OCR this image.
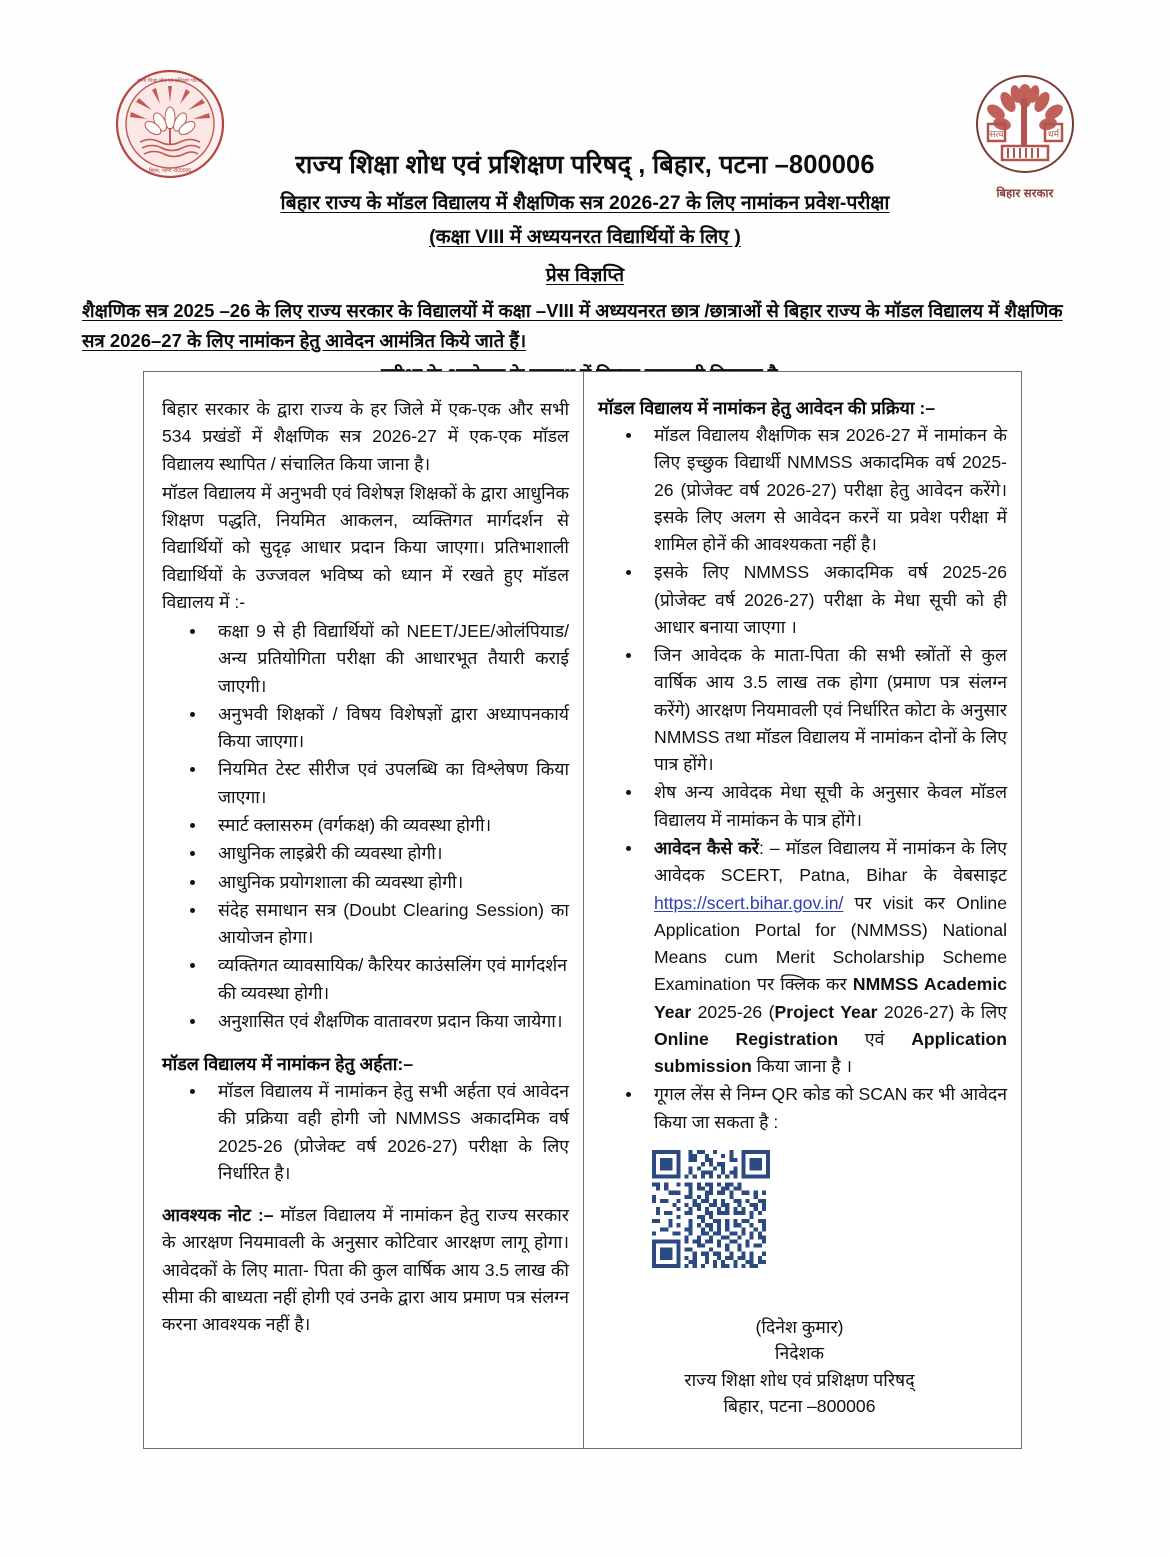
राज्य शिक्षा शोध एवं प्रशिक्षण परिषद्
बिहार, पटना -800006
सत्य	धर्म
बिहार सरकार
राज्य शिक्षा शोध एवं प्रशिक्षण परिषद् , बिहार, पटना –800006
बिहार राज्य के मॉडल विद्यालय में शैक्षणिक सत्र 2026-27 के लिए नामांकन प्रवेश-परीक्षा
(कक्षा VIII में अध्ययनरत विद्यार्थियों के लिए )
प्रेस विज्ञप्ति
शैक्षणिक सत्र 2025 –26 के लिए राज्य सरकार के विद्यालयों में कक्षा –VIII में अध्ययनरत छात्र /छात्राओं से बिहार राज्य के मॉडल विद्यालय में शैक्षणिक सत्र 2026–27 के लिए नामांकन हेतु आवेदन आमंत्रित किये जाते हैं।

बिहार सरकार के द्वारा राज्य के हर जिले में एक-एक और सभी 534 प्रखंडों में शैक्षणिक सत्र 2026-27 में एक-एक मॉडल विद्यालय स्थापित / संचालित किया जाना है।

मॉडल विद्यालय में अनुभवी एवं विशेषज्ञ शिक्षकों के द्वारा आधुनिक शिक्षण पद्धति, नियमित आकलन, व्यक्तिगत मार्गदर्शन से विद्यार्थियों को सुदृढ़ आधार प्रदान किया जाएगा। प्रतिभाशाली विद्यार्थियों के उज्जवल भविष्य को ध्यान में रखते हुए मॉडल विद्यालय में :-

कक्षा 9 से ही विद्यार्थियों को NEET/JEE/ओलंपियाड/अन्य प्रतियोगिता परीक्षा की आधारभूत तैयारी कराई जाएगी।
अनुभवी शिक्षकों / विषय विशेषज्ञों द्वारा अध्यापनकार्य किया जाएगा।
नियमित टेस्ट सीरीज एवं उपलब्धि का विश्लेषण किया जाएगा।
स्मार्ट क्लासरुम (वर्गकक्ष) की व्यवस्था होगी।
आधुनिक लाइब्रेरी की व्यवस्था होगी।
आधुनिक प्रयोगशाला की व्यवस्था होगी।
संदेह समाधान सत्र (Doubt Clearing Session) का आयोजन होगा।
व्यक्तिगत व्यावसायिक/ कैरियर काउंसलिंग एवं मार्गदर्शन की व्यवस्था होगी।
अनुशासित एवं शैक्षणिक वातावरण प्रदान किया जायेगा।
मॉडल विद्यालय में नामांकन हेतु अर्हता:–
मॉडल विद्यालय में नामांकन हेतु सभी अर्हता एवं आवेदन की प्रक्रिया वही होगी जो NMMSS अकादमिक वर्ष 2025-26 (प्रोजेक्ट वर्ष 2026-27) परीक्षा के लिए निर्धारित है।

आवश्यक नोट :– मॉडल विद्यालय में नामांकन हेतु राज्य सरकार के आरक्षण नियमावली के अनुसार कोटिवार आरक्षण लागू होगा। आवेदकों के लिए माता- पिता की कुल वार्षिक आय 3.5 लाख की सीमा की बाध्यता नहीं होगी एवं उनके द्वारा आय प्रमाण पत्र संलग्न करना आवश्यक नहीं है।

मॉडल विद्यालय में नामांकन हेतु आवेदन की प्रक्रिया :–
मॉडल विद्यालय शैक्षणिक सत्र 2026-27 में नामांकन के लिए इच्छुक विद्यार्थी NMMSS अकादमिक वर्ष 2025-26 (प्रोजेक्ट वर्ष 2026-27) परीक्षा हेतु आवेदन करेंगे। इसके लिए अलग से आवेदन करनें या प्रवेश परीक्षा में शामिल होनें की आवश्यकता नहीं है।
इसके लिए NMMSS अकादमिक वर्ष 2025-26 (प्रोजेक्ट वर्ष 2026-27) परीक्षा के मेधा सूची को ही आधार बनाया जाएगा ।
जिन आवेदक के माता-पिता की सभी स्त्रोंतों से कुल वार्षिक आय 3.5 लाख तक होगा (प्रमाण पत्र संलग्न करेंगे) आरक्षण नियमावली एवं निर्धारित कोटा के अनुसार NMMSS तथा मॉडल विद्यालय में नामांकन दोनों के लिए पात्र होंगे।
शेष अन्य आवेदक मेधा सूची के अनुसार केवल मॉडल विद्यालय में नामांकन के पात्र होंगे।
आवेदन कैसे करें: – मॉडल विद्यालय में नामांकन के लिए आवेदक SCERT, Patna, Bihar के वेबसाइट https://scert.bihar.gov.in/ पर visit कर Online Application Portal for (NMMSS) National Means cum Merit Scholarship Scheme Examination पर क्लिक कर NMMSS Academic Year 2025-26 (Project Year 2026-27) के लिए Online Registration एवं Application submission किया जाना है ।
गूगल लेंस से निम्न QR कोड को SCAN कर भी आवेदन किया जा सकता है :
(दिनेश कुमार)
निदेशक
राज्य शिक्षा शोध एवं प्रशिक्षण परिषद्
बिहार, पटना –800006
